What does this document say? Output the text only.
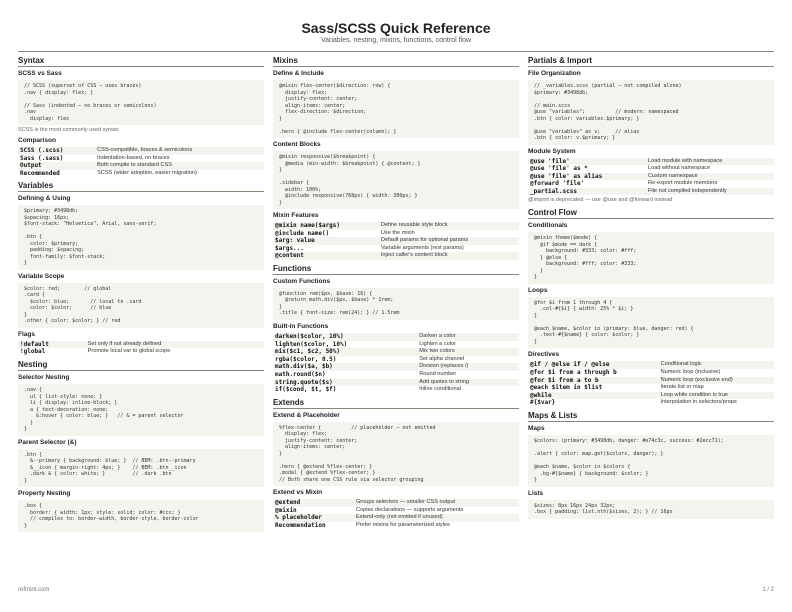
Sass/SCSS Quick Reference
Variables, nesting, mixins, functions, control flow
Syntax
SCSS vs Sass
// SCSS (superset of CSS — uses braces)
.nav { display: flex; }

// Sass (indented — no braces or semicolons)
.nav
display: flex
SCSS is the most commonly used syntax
Comparison
SCSS (.scss)	CSS-compatible, braces & semicolons
Sass (.sass)	Indentation-based, no braces
Output	Both compile to standard CSS
Recommended	SCSS (wider adoption, easier migration)
Variables
Defining & Using
$primary: #3498db;
$spacing: 16px;
$font-stack: "Helvetica", Arial, sans-serif;

.btn {
color: $primary;
padding: $spacing;
font-family: $font-stack;
}
Variable Scope
$color: red;        // global
.card {
$color: blue;       // local to .card
color: $color;      // blue
}
.other { color: $color; } // red
Flags
!default	Set only if not already defined
!global	Promote local var to global scope
Nesting
Selector Nesting
.nav {
ul { list-style: none; }
li { display: inline-block; }
a { text-decoration: none;
&:hover { color: blue; }   // & = parent selector
}
}
Parent Selector (&)
.btn {
&--primary { background: blue; }  // BEM: .btn--primary
&__icon { margin-right: 4px; }    // BEM: .btn__icon
.dark & { color: white; }         // .dark .btn
}
Property Nesting
.box {
border: { width: 1px; style: solid; color: #ccc; }
// compiles to: border-width, border-style, border-color
}
Mixins
Define & Include
@mixin flex-center($direction: row) {
display: flex;
justify-content: center;
align-items: center;
flex-direction: $direction;
}

.hero { @include flex-center(column); }
Content Blocks
@mixin responsive($breakpoint) {
@media (min-width: $breakpoint) { @content; }
}

.sidebar {
width: 100%;
@include responsive(768px) { width: 300px; }
}
Mixin Features
@mixin name($args)	Define reusable style block
@include name()	Use the mixin
$arg: value	Default params for optional params
$args...	Variable arguments (rest params)
@content	Inject caller's content block
Functions
Custom Functions
@function rem($px, $base: 16) {
@return math.div($px, $base) * 1rem;
}
.title { font-size: rem(24); } // 1.5rem
Built-in Functions
darken($color, 10%)	Darken a color
lighten($color, 10%)	Lighten a color
mix($c1, $c2, 50%)	Mix two colors
rgba($color, 0.5)	Set alpha channel
math.div($a, $b)	Division (replaces /)
math.round($n)	Round number
string.quote($s)	Add quotes to string
if($cond, $t, $f)	Inline conditional
Extends
Extend & Placeholder
%flex-center {          // placeholder — not emitted
display: flex;
justify-content: center;
align-items: center;
}

.hero { @extend %flex-center; }
.modal { @extend %flex-center; }
// Both share one CSS rule via selector grouping
Extend vs Mixin
@extend	Groups selectors — smaller CSS output
@mixin	Copies declarations — supports arguments
% placeholder	Extend-only (not emitted if unused)
Recommendation	Prefer mixins for parameterized styles
Partials & Import
File Organization
// _variables.scss (partial — not compiled alone)
$primary: #3498db;

// main.scss
@use "variables";          // modern: namespaced
.btn { color: variables.$primary; }

@use "variables" as v;     // alias
.btn { color: v.$primary; }
Module System
@use 'file'	Load module with namespace
@use 'file' as *	Load without namespace
@use 'file' as alias	Custom namespace
@forward 'file'	Re-export module members
_partial.scss	File not compiled independently
@import is deprecated — use @use and @forward instead
Control Flow
Conditionals
@mixin theme($mode) {
@if $mode == dark {
background: #333; color: #fff;
} @else {
background: #fff; color: #333;
}
}
Loops
@for $i from 1 through 4 {
.col-#{$i} { width: 25% * $i; }
}

@each $name, $color in (primary: blue, danger: red) {
.text-#{$name} { color: $color; }
}
Directives
@if / @else if / @else	Conditional logic
@for $i from a through b	Numeric loop (inclusive)
@for $i from a to b	Numeric loop (exclusive end)
@each $item in $list	Iterate list or map
@while	Loop while condition is true
#{$var}	Interpolation in selectors/props
Maps & Lists
Maps
$colors: (primary: #3498db, danger: #e74c3c, success: #2ecc71);

.alert { color: map.get($colors, danger); }

@each $name, $color in $colors {
.bg-#{$name} { background: $color; }
}
Lists
$sizes: 8px 16px 24px 32px;
.box { padding: list.nth($sizes, 2); } // 16px
refmint.com	1 / 2
